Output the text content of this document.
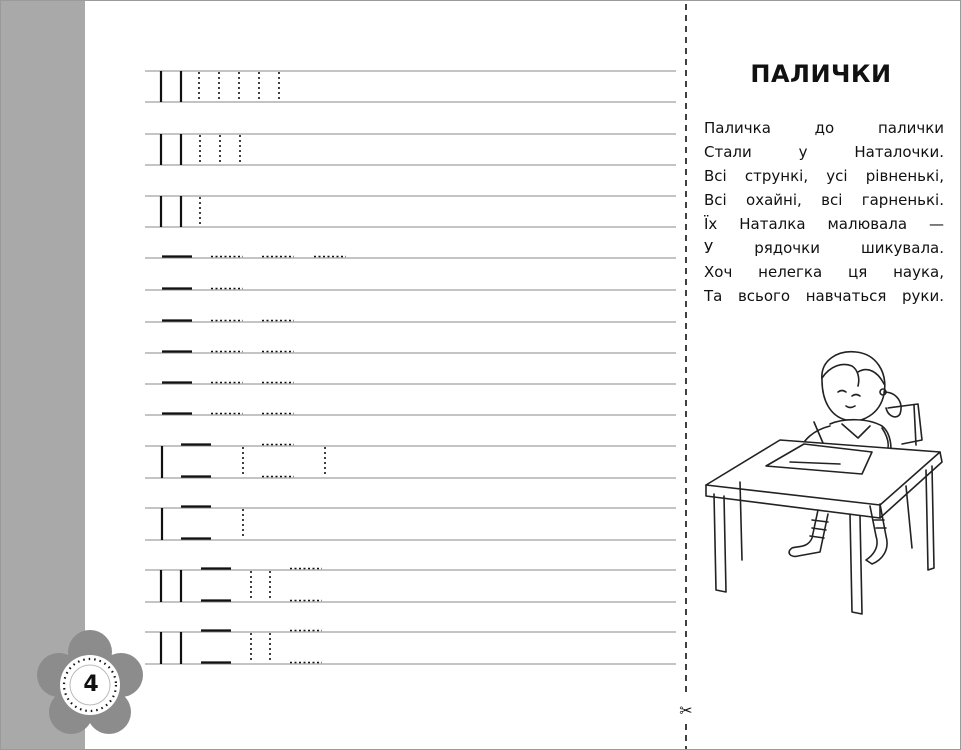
✂
4
ПАЛИЧКИ
Паличка до палички
Стали у Наталочки.
Всі стрункі, усі рівненькі,
Всі охайні, всі гарненькі.
Їх Наталка малювала —
У рядочки шикувала.
Хоч нелегка ця наука,
Та всього навчаться руки.
